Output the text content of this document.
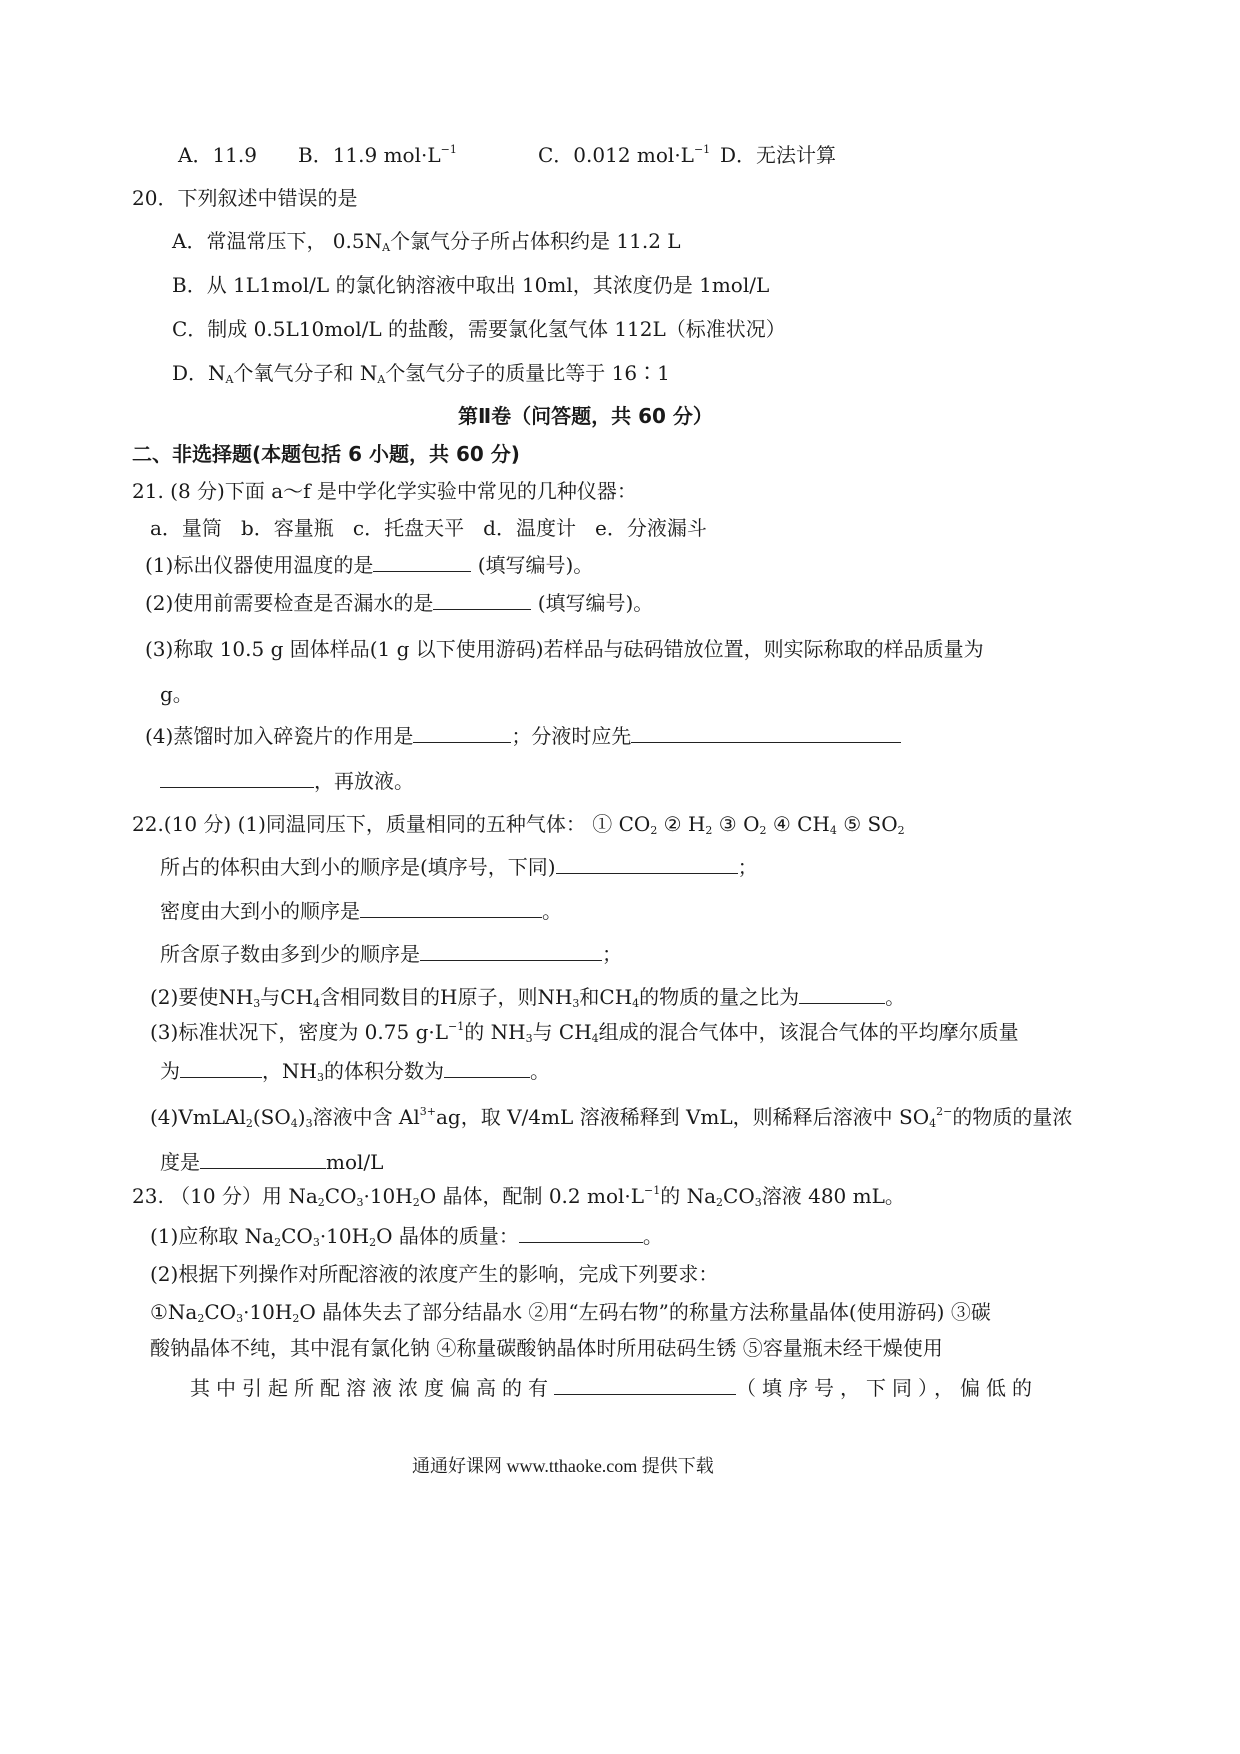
A．11.9 B．11.9 $mol\cdot L^{-1}$	C．0.012 $mol\cdot L^{-1}$ D．无法计算
20．下列叙述中错误的是
A．常温常压下， $0.5N_A$个氯气分子所占体积约是 11.2 L
B．从 1L1mol/L 的氯化钠溶液中取出 10ml，其浓度仍是 1mol/L
C．制成 0.5L10mol/L 的盐酸，需要氯化氢气体 112L（标准状况）
D．$N_A$个氧气分子和 $N_A$个氢气分子的质量比等于 16∶1
第Ⅱ卷（问答题，共 60 分）
二、非选择题(本题包括 6 小题，共 60 分)
21. (8 分)下面 a～f 是中学化学实验中常见的几种仪器：
a．量筒   b．容量瓶   c．托盘天平   d．温度计   e．分液漏斗
(1)标出仪器使用温度的是	(填写编号)。
(2)使用前需要检查是否漏水的是	(填写编号)。
(3)称取 10.5 g 固体样品(1 g 以下使用游码)若样品与砝码错放位置，则实际称取的样品质量为
g。
(4)蒸馏时加入碎瓷片的作用是	；分液时应先
，再放液。
22.(10 分) (1)同温同压下，质量相同的五种气体： ① $CO_2$ ② $H_2$ ③ $O_2$ ④ $CH_4$ ⑤ $SO_2$
所占的体积由大到小的顺序是(填序号，下同)	；
密度由大到小的顺序是	。
所含原子数由多到少的顺序是	；
(2)要使$NH_3$与$CH_4$含相同数目的H原子，则$NH_3$和$CH_4$的物质的量之比为	。
(3)标准状况下，密度为 0.75 $g\cdot L^{-1}$的 $NH_3$与 $CH_4$组成的混合气体中，该混合气体的平均摩尔质量
为	，$NH_3$的体积分数为	。
$(4)VmLAl_2(SO_4)_3$溶液中含 $Al^{3+}ag$，取 V/4mL 溶液稀释到 VmL，则稀释后溶液中 $SO_4^{2-}$的物质的量浓
度是	mol/L
23. （10 分）用 $Na_2CO_3\cdot 10H_2O$ 晶体，配制 0.2 $mol\cdot L^{-1}$的 $Na_2CO_3$溶液 480 mL。
(1)应称取 $Na_2CO_3\cdot 10H_2O$ 晶体的质量：	。
(2)根据下列操作对所配溶液的浓度产生的影响，完成下列要求：
$①Na_2CO_3\cdot 10H_2O$ 晶体失去了部分结晶水 ②用“左码右物”的称量方法称量晶体(使用游码) ③碳
酸钠晶体不纯，其中混有氯化钠 ④称量碳酸钠晶体时所用砝码生锈 ⑤容量瓶未经干燥使用
其中引起所配溶液浓度偏高的有	（填序号，下同），偏低的
通通好课网 www.tthaoke.com 提供下载
